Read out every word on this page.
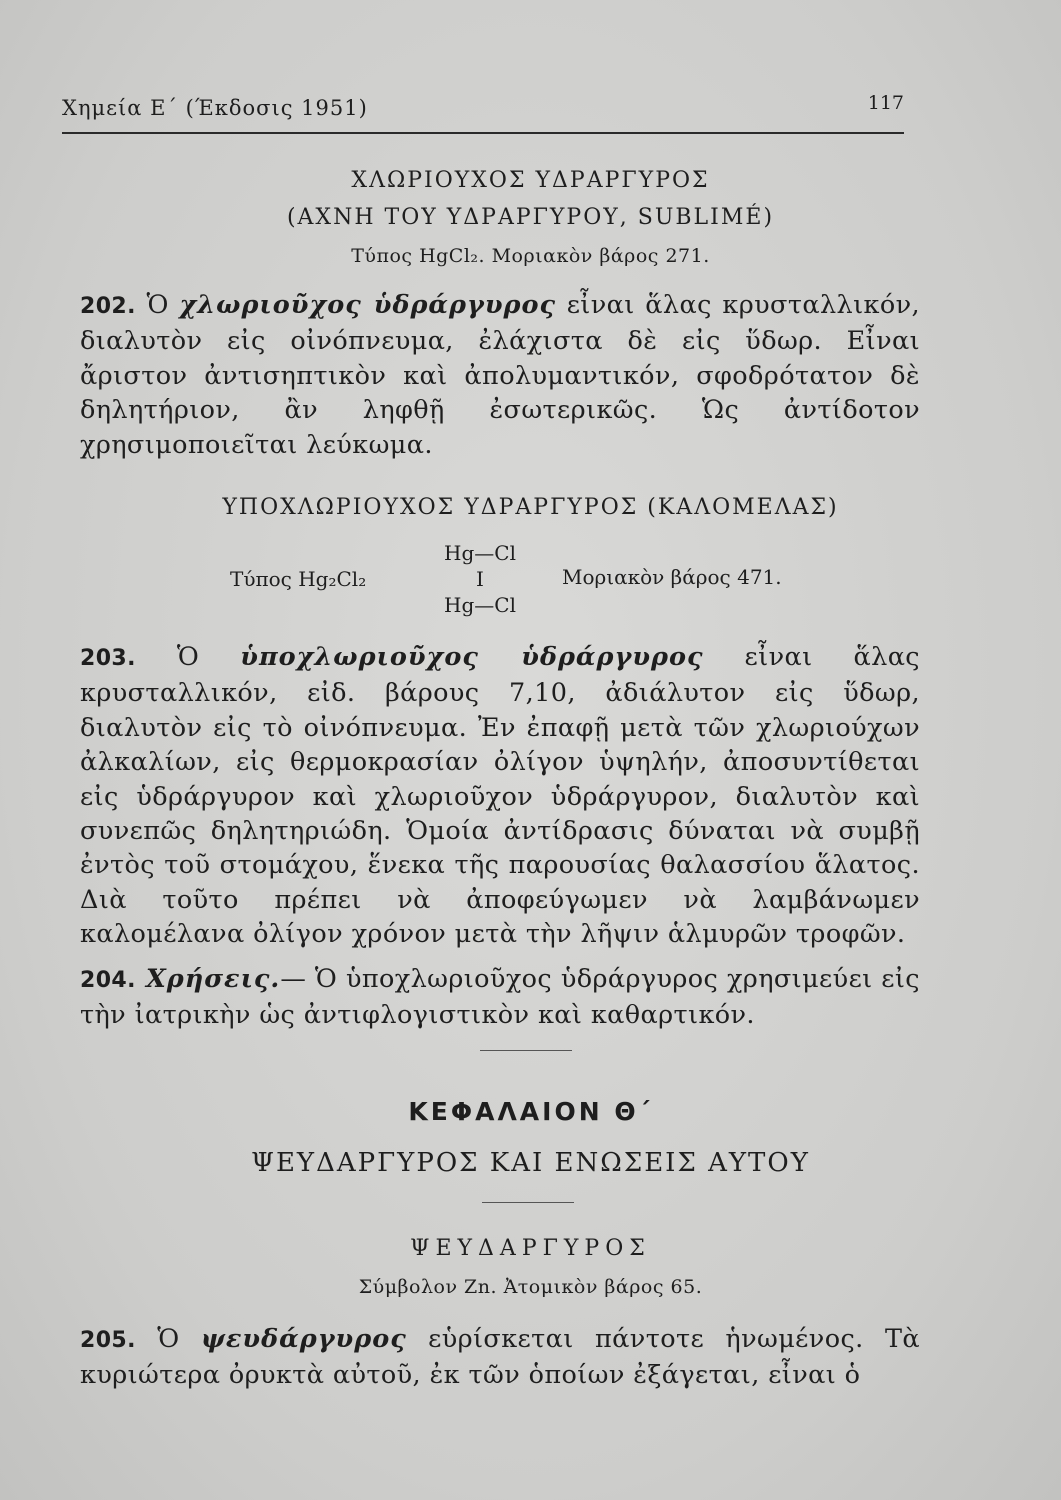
Χημεία Ε΄ (Έκδοσις 1951)	117
ΧΛΩΡΙΟΥΧΟΣ ΥΔΡΑΡΓΥΡΟΣ
(ΑΧΝΗ ΤΟΥ ΥΔΡΑΡΓΥΡΟΥ, SUBLIMÉ)
Τύπος HgCl₂. Μοριακὸν βάρος 271.
202. Ὁ χλωριοῦχος ὑδράργυρος εἶναι ἅλας κρυσταλλικόν, διαλυτὸν εἰς οἰνόπνευμα, ἐλάχιστα δὲ εἰς ὕδωρ. Εἶναι ἄριστον ἀντισηπτικὸν καὶ ἀπολυμαντικόν, σφοδρότατον δὲ δηλητήριον, ἂν ληφθῇ ἐσωτερικῶς. Ὡς ἀντίδοτον χρησιμοποιεῖται λεύκωμα.
ΥΠΟΧΛΩΡΙΟΥΧΟΣ ΥΔΡΑΡΓΥΡΟΣ (ΚΑΛΟΜΕΛΑΣ)
Τύπος Hg₂Cl₂
Hg—Cl
I
Hg—Cl
Μοριακὸν βάρος 471.
203. Ὁ ὑποχλωριοῦχος ὑδράργυρος εἶναι ἅλας κρυσταλλικόν, εἰδ. βάρους 7,10, ἀδιάλυτον εἰς ὕδωρ, διαλυτὸν εἰς τὸ οἰνόπνευμα. Ἐν ἐπαφῇ μετὰ τῶν χλωριούχων ἀλκαλίων, εἰς θερμοκρασίαν ὀλίγον ὑψηλήν, ἀποσυντίθεται εἰς ὑδράργυρον καὶ χλωριοῦχον ὑδράργυρον, διαλυτὸν καὶ συνεπῶς δηλητηριώδη. Ὁμοία ἀντίδρασις δύναται νὰ συμβῇ ἐντὸς τοῦ στομάχου, ἕνεκα τῆς παρουσίας θαλασσίου ἅλατος. Διὰ τοῦτο πρέπει νὰ ἀποφεύγωμεν νὰ λαμβάνωμεν καλομέλανα ὀλίγον χρόνον μετὰ τὴν λῆψιν ἁλμυρῶν τροφῶν.
204. Χρήσεις.— Ὁ ὑποχλωριοῦχος ὑδράργυρος χρησιμεύει εἰς τὴν ἰατρικὴν ὡς ἀντιφλογιστικὸν καὶ καθαρτικόν.
ΚΕΦΑΛΑΙΟΝ Θ΄
ΨΕΥΔΑΡΓΥΡΟΣ ΚΑΙ ΕΝΩΣΕΙΣ ΑΥΤΟΥ
ΨΕΥΔΑΡΓΥΡΟΣ
Σύμβολον Zn. Ἀτομικὸν βάρος 65.
205. Ὁ ψευδάργυρος εὑρίσκεται πάντοτε ἡνωμένος. Τὰ κυριώτερα ὀρυκτὰ αὐτοῦ, ἐκ τῶν ὁποίων ἐξάγεται, εἶναι ὁ
